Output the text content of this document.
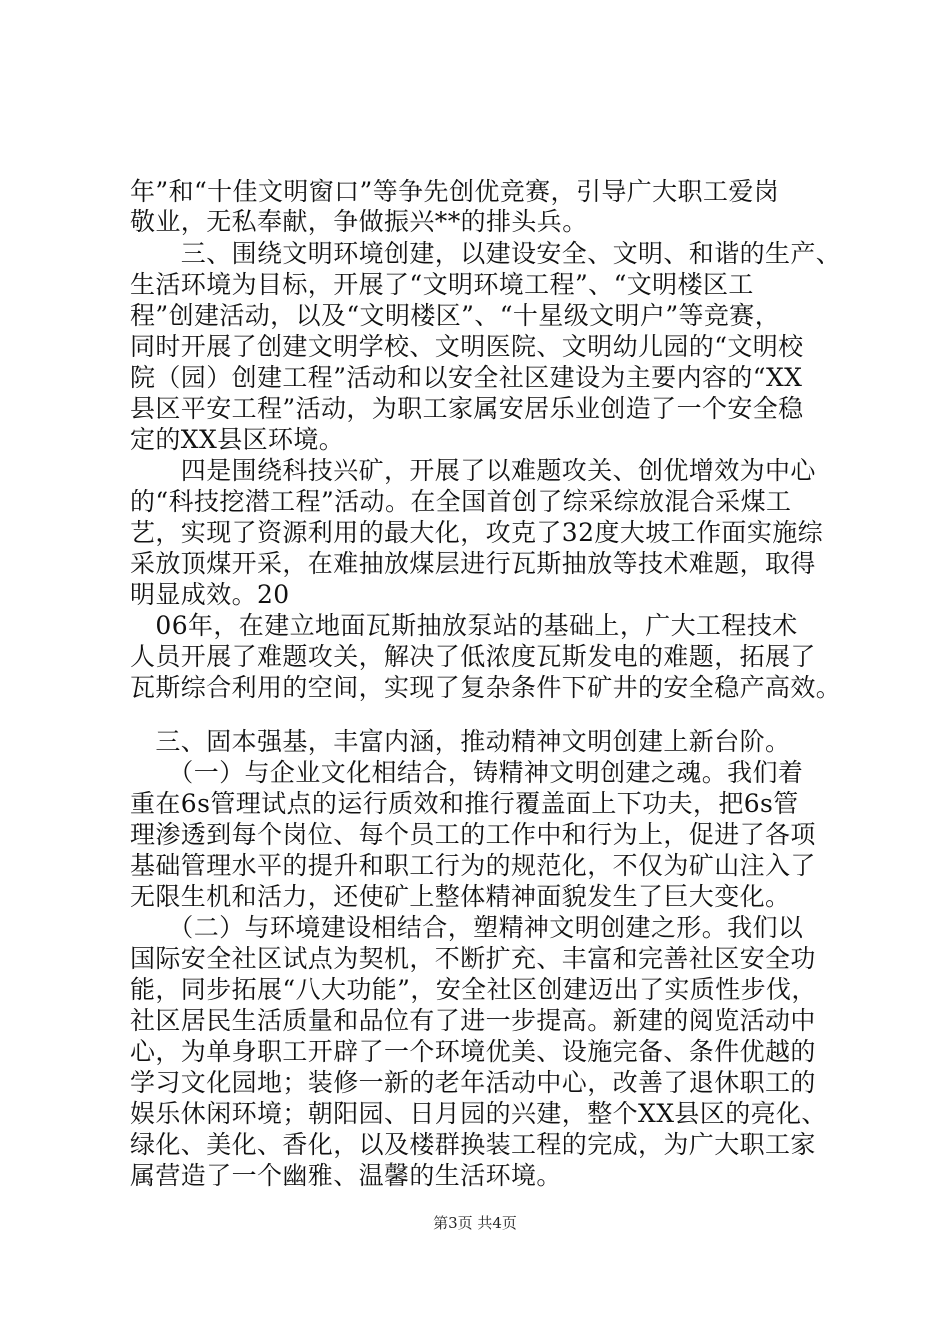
年”和“十佳文明窗口”等争先创优竞赛，引导广大职工爱岗
敬业，无私奉献，争做振兴**的排头兵。
　　三、围绕文明环境创建，以建设安全、文明、和谐的生产、
生活环境为目标，开展了“文明环境工程”、“文明楼区工
程”创建活动，以及“文明楼区”、“十星级文明户”等竞赛，
同时开展了创建文明学校、文明医院、文明幼儿园的“文明校
院（园）创建工程”活动和以安全社区建设为主要内容的“XX
县区平安工程”活动，为职工家属安居乐业创造了一个安全稳
定的XX县区环境。
　　四是围绕科技兴矿，开展了以难题攻关、创优增效为中心
的“科技挖潜工程”活动。在全国首创了综采综放混合采煤工
艺，实现了资源利用的最大化，攻克了32度大坡工作面实施综
采放顶煤开采，在难抽放煤层进行瓦斯抽放等技术难题，取得
明显成效。20
　06年，在建立地面瓦斯抽放泵站的基础上，广大工程技术
人员开展了难题攻关，解决了低浓度瓦斯发电的难题，拓展了
瓦斯综合利用的空间，实现了复杂条件下矿井的安全稳产高效。
　三、固本强基，丰富内涵，推动精神文明创建上新台阶。
　　（一）与企业文化相结合，铸精神文明创建之魂。我们着
重在6s管理试点的运行质效和推行覆盖面上下功夫，把6s管
理渗透到每个岗位、每个员工的工作中和行为上，促进了各项
基础管理水平的提升和职工行为的规范化，不仅为矿山注入了
无限生机和活力，还使矿上整体精神面貌发生了巨大变化。
　　（二）与环境建设相结合，塑精神文明创建之形。我们以
国际安全社区试点为契机，不断扩充、丰富和完善社区安全功
能，同步拓展“八大功能”，安全社区创建迈出了实质性步伐，
社区居民生活质量和品位有了进一步提高。新建的阅览活动中
心，为单身职工开辟了一个环境优美、设施完备、条件优越的
学习文化园地；装修一新的老年活动中心，改善了退休职工的
娱乐休闲环境；朝阳园、日月园的兴建，整个XX县区的亮化、
绿化、美化、香化，以及楼群换装工程的完成，为广大职工家
属营造了一个幽雅、温馨的生活环境。
第3页 共4页
